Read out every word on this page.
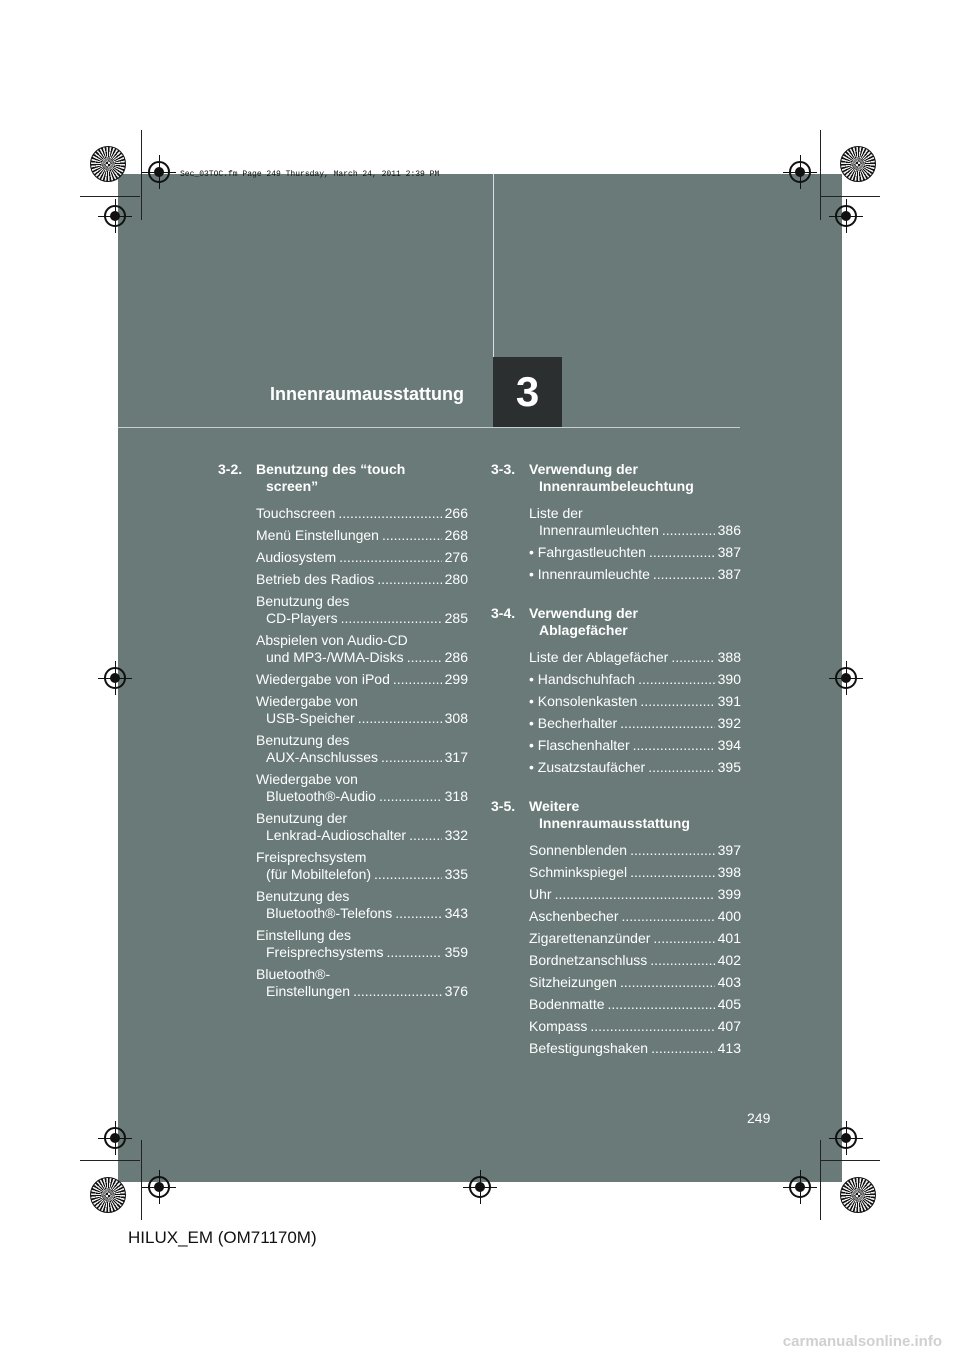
Sec_03TOC.fm Page 249 Thursday, March 24, 2011 2:39 PM
Innenraumausstattung	3
3-2. Benutzung des “touch
screen”
Touchscreen .....	266
Menü Einstellungen .....	268
Audiosystem .....	276
Betrieb des Radios .....	280
Benutzung des
CD-Players .....	285
Abspielen von Audio-CD
und MP3-/WMA-Disks .....	286
Wiedergabe von iPod .....	299
Wiedergabe von
USB-Speicher .....	308
Benutzung des
AUX-Anschlusses .....	317
Wiedergabe von
Bluetooth®-Audio .....	318
Benutzung der
Lenkrad-Audioschalter .....	332
Freisprechsystem
(für Mobiltelefon) .....	335
Benutzung des
Bluetooth®-Telefons .....	343
Einstellung des
Freisprechsystems .....	359
Bluetooth®-
Einstellungen .....	376
3-3. Verwendung der
Innenraumbeleuchtung
Liste der
Innenraumleuchten .....	386
• Fahrgastleuchten .....	387
• Innenraumleuchte .....	387
3-4. Verwendung der
Ablagefächer
Liste der Ablagefächer .....	388
• Handschuhfach .....	390
• Konsolenkasten .....	391
• Becherhalter .....	392
• Flaschenhalter .....	394
• Zusatzstaufächer .....	395
3-5. Weitere
Innenraumausstattung
Sonnenblenden .....	397
Schminkspiegel .....	398
Uhr .....	399
Aschenbecher .....	400
Zigarettenanzünder .....	401
Bordnetzanschluss .....	402
Sitzheizungen .....	403
Bodenmatte .....	405
Kompass .....	407
Befestigungshaken .....	413
249
HILUX_EM (OM71170M)
carmanualsonline.info
